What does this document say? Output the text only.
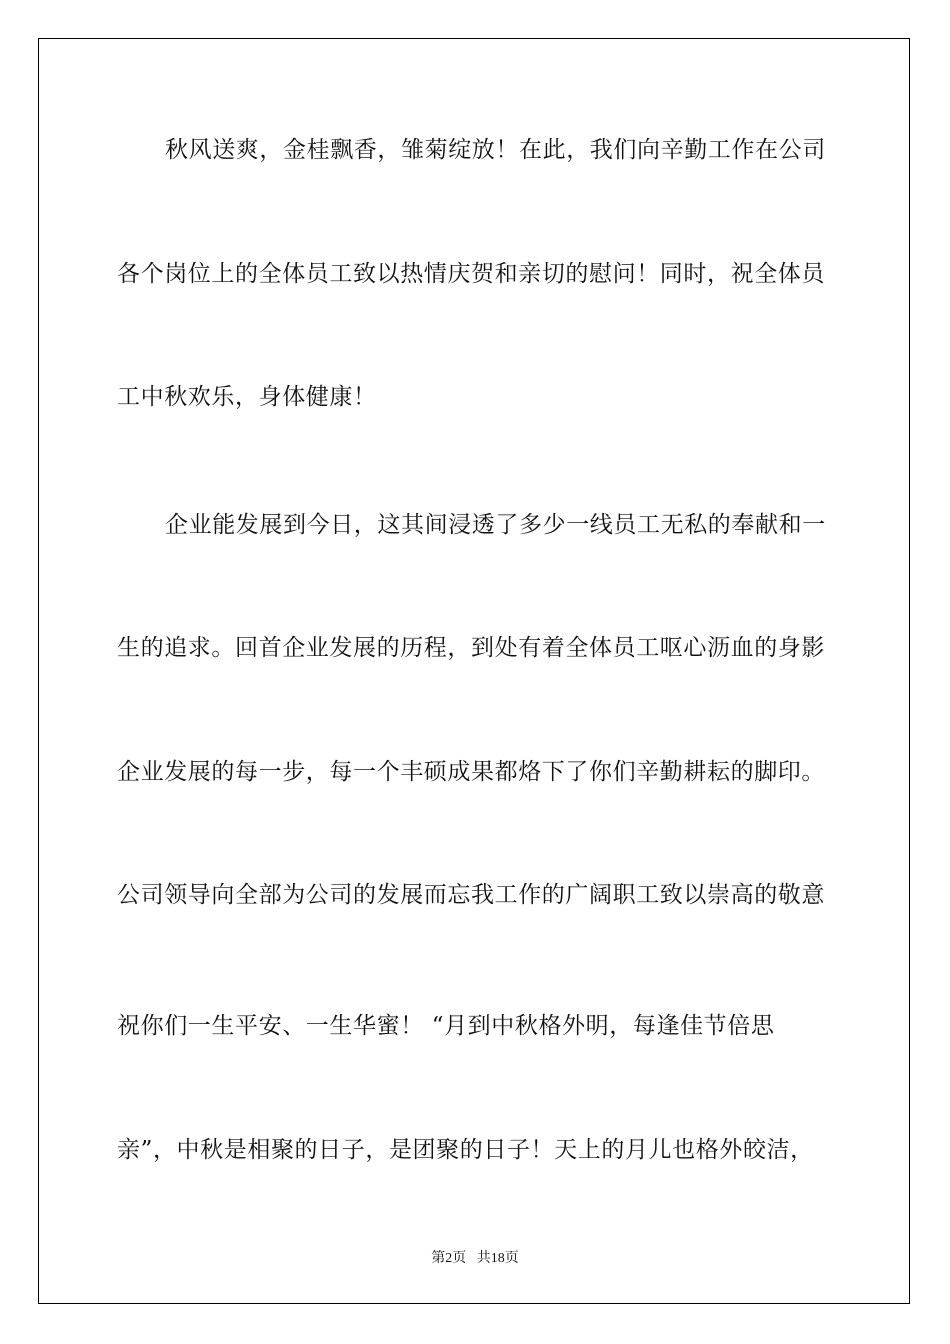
秋风送爽，金桂飘香，雏菊绽放！在此，我们向辛勤工作在公司
各个岗位上的全体员工致以热情庆贺和亲切的慰问！同时，祝全体员
工中秋欢乐，身体健康！
企业能发展到今日，这其间浸透了多少一线员工无私的奉献和一
生的追求。回首企业发展的历程，到处有着全体员工呕心沥血的身影
企业发展的每一步，每一个丰硕成果都烙下了你们辛勤耕耘的脚印。
公司领导向全部为公司的发展而忘我工作的广阔职工致以崇高的敬意
祝你们一生平安、一生华蜜！ “月到中秋格外明，每逢佳节倍思
亲”，中秋是相聚的日子，是团聚的日子！天上的月儿也格外皎洁，
第2页 共18页
